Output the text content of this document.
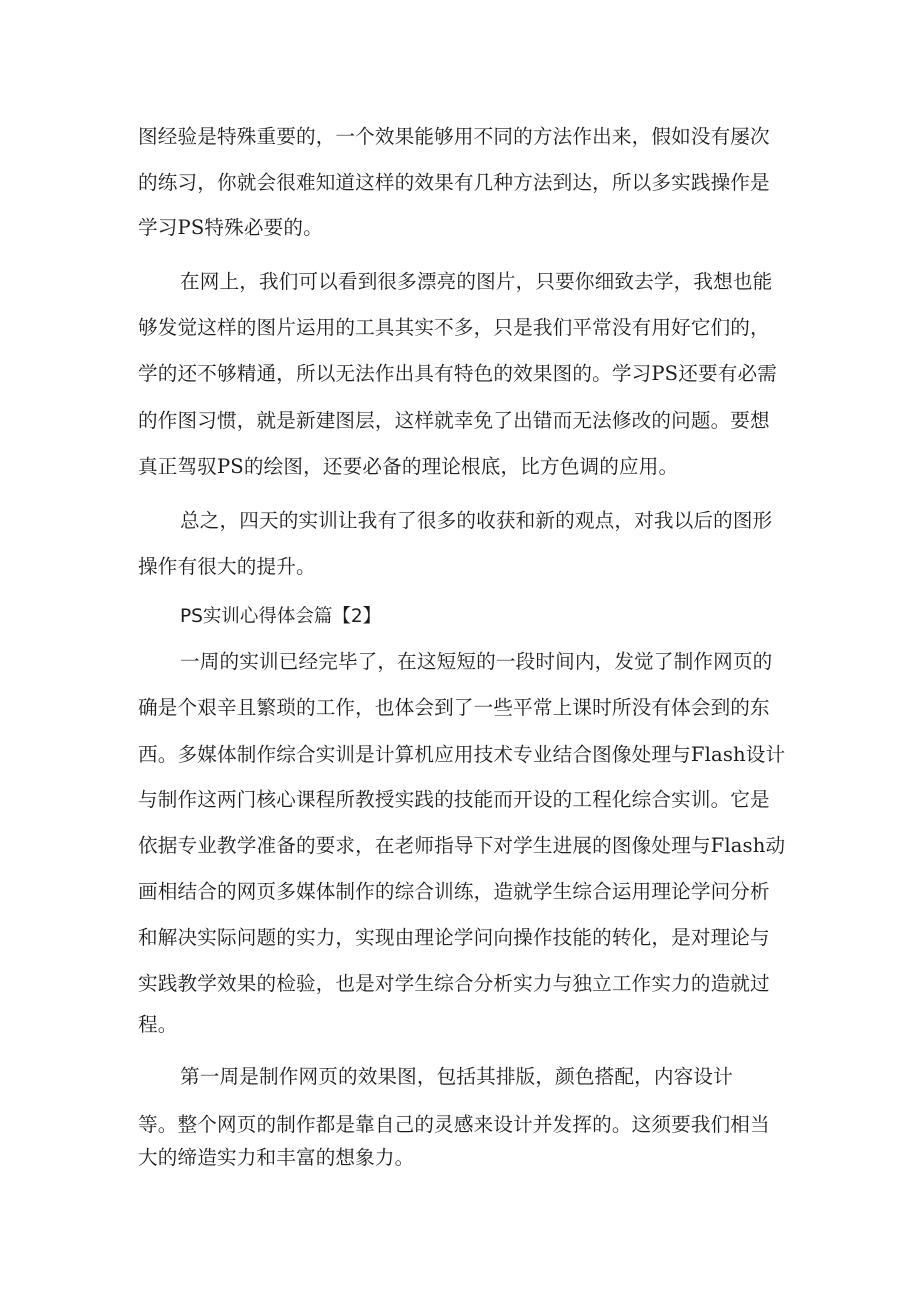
图经验是特殊重要的，一个效果能够用不同的方法作出来，假如没有屡次
的练习，你就会很难知道这样的效果有几种方法到达，所以多实践操作是
学习PS特殊必要的。
在网上，我们可以看到很多漂亮的图片，只要你细致去学，我想也能
够发觉这样的图片运用的工具其实不多，只是我们平常没有用好它们的，
学的还不够精通，所以无法作出具有特色的效果图的。学习PS还要有必需
的作图习惯，就是新建图层，这样就幸免了出错而无法修改的问题。要想
真正驾驭PS的绘图，还要必备的理论根底，比方色调的应用。
总之，四天的实训让我有了很多的收获和新的观点，对我以后的图形
操作有很大的提升。
PS实训心得体会篇【2】
一周的实训已经完毕了，在这短短的一段时间内，发觉了制作网页的
确是个艰辛且繁琐的工作，也体会到了一些平常上课时所没有体会到的东
西。多媒体制作综合实训是计算机应用技术专业结合图像处理与Flash设计
与制作这两门核心课程所教授实践的技能而开设的工程化综合实训。它是
依据专业教学准备的要求，在老师指导下对学生进展的图像处理与Flash动
画相结合的网页多媒体制作的综合训练，造就学生综合运用理论学问分析
和解决实际问题的实力，实现由理论学问向操作技能的转化，是对理论与
实践教学效果的检验，也是对学生综合分析实力与独立工作实力的造就过
程。
第一周是制作网页的效果图，包括其排版，颜色搭配，内容设计
等。整个网页的制作都是靠自己的灵感来设计并发挥的。这须要我们相当
大的缔造实力和丰富的想象力。
